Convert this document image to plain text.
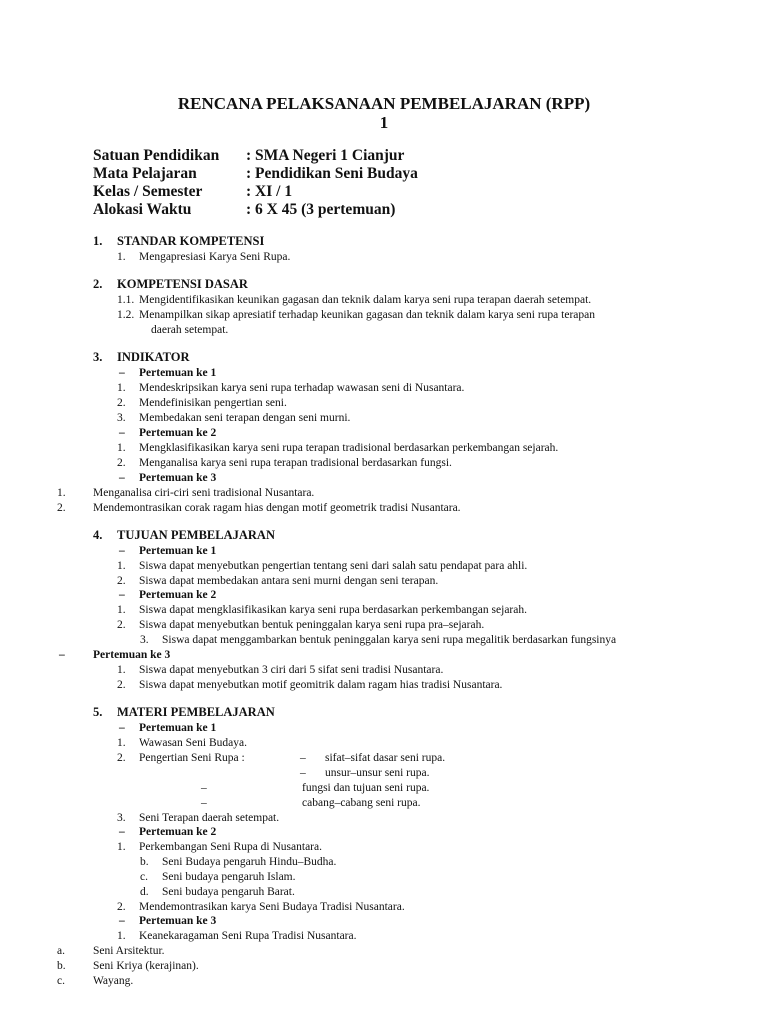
RENCANA PELAKSANAAN PEMBELAJARAN (RPP)
1
Satuan Pendidikan : SMA Negeri 1 Cianjur
Mata Pelajaran	: Pendidikan Seni Budaya
Kelas / Semester	: XI / 1
Alokasi Waktu	: 6 X 45 (3 pertemuan)
1. STANDAR KOMPETENSI
1. Mengapresiasi Karya Seni Rupa.
2. KOMPETENSI DASAR
1.1. Mengidentifikasikan keunikan gagasan dan teknik dalam karya seni rupa terapan daerah setempat.
1.2. Menampilkan sikap apresiatif terhadap keunikan gagasan dan teknik dalam karya seni rupa terapan
daerah setempat.
3. INDIKATOR
– Pertemuan ke 1
1. Mendeskripsikan karya seni rupa terhadap wawasan seni di Nusantara.
2. Mendefinisikan pengertian seni.
3. Membedakan seni terapan dengan seni murni.
– Pertemuan ke 2
1. Mengklasifikasikan karya seni rupa terapan tradisional berdasarkan perkembangan sejarah.
2. Menganalisa karya seni rupa terapan tradisional berdasarkan fungsi.
– Pertemuan ke 3
1. Menganalisa ciri-ciri seni tradisional Nusantara.
2. Mendemontrasikan corak ragam hias dengan motif geometrik tradisi Nusantara.
4. TUJUAN PEMBELAJARAN
– Pertemuan ke 1
1. Siswa dapat menyebutkan pengertian tentang seni dari salah satu pendapat para ahli.
2. Siswa dapat membedakan antara seni murni dengan seni terapan.
– Pertemuan ke 2
1. Siswa dapat mengklasifikasikan karya seni rupa berdasarkan perkembangan sejarah.
2. Siswa dapat menyebutkan bentuk peninggalan karya seni rupa pra–sejarah.
3. Siswa dapat menggambarkan bentuk peninggalan karya seni rupa megalitik berdasarkan fungsinya
– Pertemuan ke 3
1. Siswa dapat menyebutkan 3 ciri dari 5 sifat seni tradisi Nusantara.
2. Siswa dapat menyebutkan motif geomitrik dalam ragam hias tradisi Nusantara.
5. MATERI PEMBELAJARAN
– Pertemuan ke 1
1. Wawasan Seni Budaya.
2. Pengertian Seni Rupa :	– sifat–sifat dasar seni rupa.
– unsur–unsur seni rupa.
–	fungsi dan tujuan seni rupa.
–	cabang–cabang seni rupa.
3. Seni Terapan daerah setempat.
– Pertemuan ke 2
1. Perkembangan Seni Rupa di Nusantara.
b. Seni Budaya pengaruh Hindu–Budha.
c. Seni budaya pengaruh Islam.
d. Seni budaya pengaruh Barat.
2. Mendemontrasikan karya Seni Budaya Tradisi Nusantara.
– Pertemuan ke 3
1. Keanekaragaman Seni Rupa Tradisi Nusantara.
a. Seni Arsitektur.
b. Seni Kriya (kerajinan).
c. Wayang.
